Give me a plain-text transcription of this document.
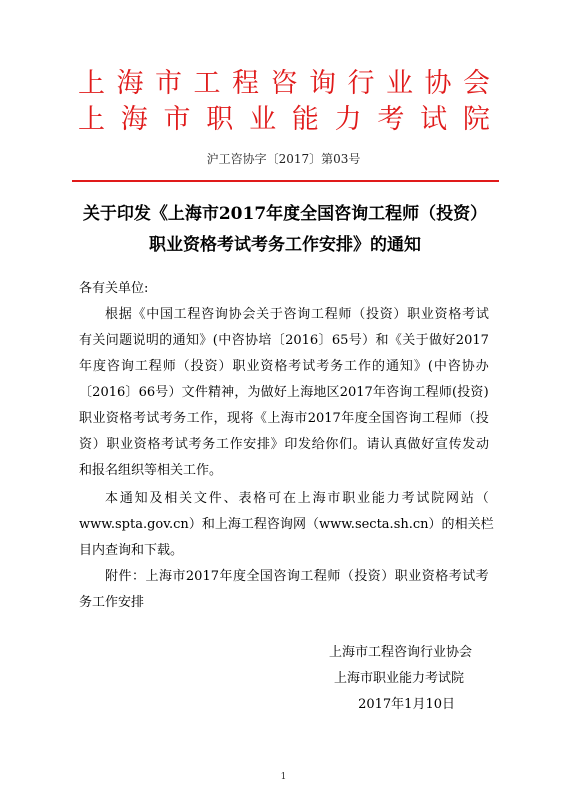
上 海 市 工 程 咨 询 行 业 协 会
上 海 市 职 业 能 力 考 试 院
沪工咨协字〔2017〕第03号
关于印发《上海市2017年度全国咨询工程师（投资）
职业资格考试考务工作安排》的通知
各有关单位:
根 据 《 中 国 工 程 咨 询 协 会 关 于 咨 询 工 程 师 （ 投 资 ） 职 业 资 格 考 试
有 关 问 题 说 明 的 通 知 》 ( 中 咨 协 培 〔 2016 〕 65 号 ） 和 《 关 于 做 好 2017
年 度 咨 询 工 程 师 （ 投 资 ） 职 业 资 格 考 试 考 务 工 作 的 通 知 》 ( 中 咨 协 办
〔 2016 〕 66 号 ） 文 件 精 神 ， 为 做 好 上 海 地 区 2017 年 咨 询 工 程 师 ( 投 资 )
职 业 资 格 考 试 考 务 工 作 ， 现 将 《 上 海 市 2017 年 度 全 国 咨 询 工 程 师 （ 投
资 ） 职 业 资 格 考 试 考 务 工 作 安 排 》 印 发 给 你 们 。 请 认 真 做 好 宣 传 发 动
和报名组织等相关工作。
本 通 知 及 相 关 文 件 、 表 格 可 在 上 海 市 职 业 能 力 考 试 院 网 站 （
www.spta.gov.cn ） 和 上 海 工 程 咨 询 网 （ www.secta.sh.cn ） 的 相 关 栏
目内查询和下载。
附 件 ： 上 海 市 2017 年 度 全 国 咨 询 工 程 师 （ 投 资 ） 职 业 资 格 考 试 考
务工作安排
上海市工程咨询行业协会
上海市职业能力考试院
2017年1月10日
1
